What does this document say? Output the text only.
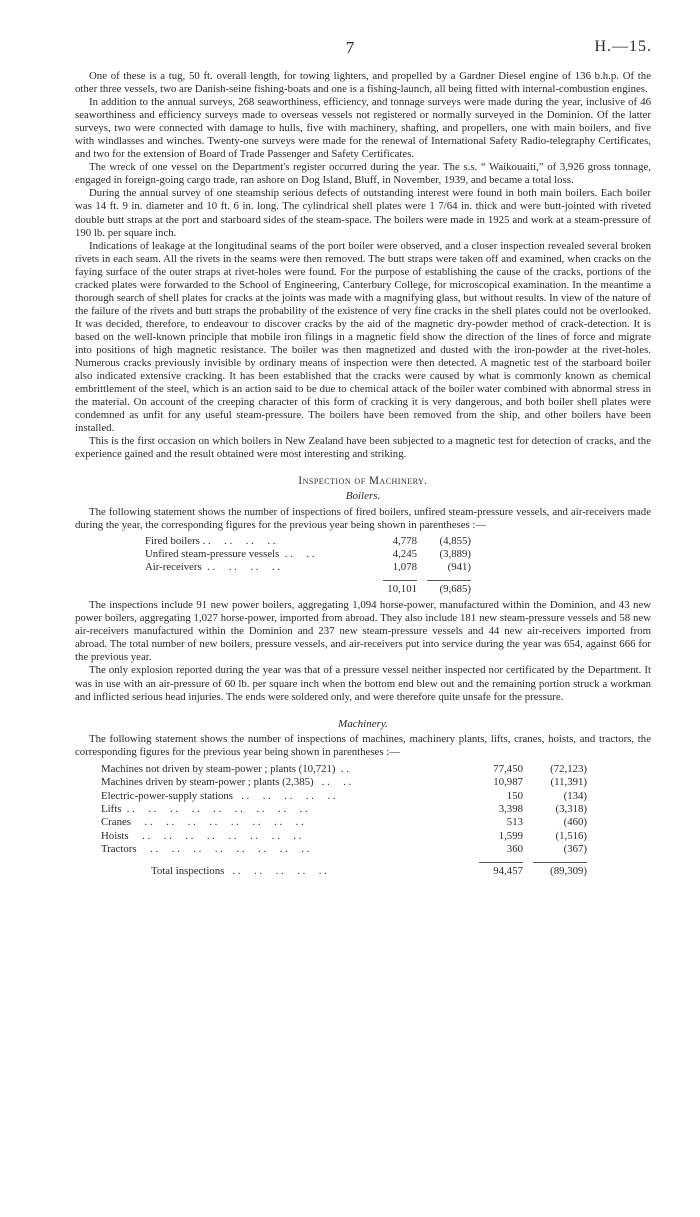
7	H.—15.

One of these is a tug, 50 ft. overall length, for towing lighters, and propelled by a Gardner Diesel engine of 136 b.h.p. Of the other three vessels, two are Danish-seine fishing-boats and one is a fishing-launch, all being fitted with internal-combustion engines.

In addition to the annual surveys, 268 seaworthiness, efficiency, and tonnage surveys were made during the year, inclusive of 46 seaworthiness and efficiency surveys made to overseas vessels not registered or normally surveyed in the Dominion. Of the latter surveys, two were connected with damage to hulls, five with machinery, shafting, and propellers, one with main boilers, and five with windlasses and winches. Twenty-one surveys were made for the renewal of International Safety Radio-telegraphy Certificates, and two for the extension of Board of Trade Passenger and Safety Certificates.

The wreck of one vessel on the Department's register occurred during the year. The s.s. “ Waikouaiti,” of 3,926 gross tonnage, engaged in foreign-going cargo trade, ran ashore on Dog Island, Bluff, in November, 1939, and became a total loss.

During the annual survey of one steamship serious defects of outstanding interest were found in both main boilers. Each boiler was 14 ft. 9 in. diameter and 10 ft. 6 in. long. The cylindrical shell plates were 1 7/64 in. thick and were butt-jointed with riveted double butt straps at the port and starboard sides of the steam-space. The boilers were made in 1925 and work at a steam-pressure of 190 lb. per square inch.

Indications of leakage at the longitudinal seams of the port boiler were observed, and a closer inspection revealed several broken rivets in each seam. All the rivets in the seams were then removed. The butt straps were taken off and examined, when cracks on the faying surface of the outer straps at rivet-holes were found. For the purpose of establishing the cause of the cracks, portions of the cracked plates were forwarded to the School of Engineering, Canterbury College, for microscopical examination. In the meantime a thorough search of shell plates for cracks at the joints was made with a magnifying glass, but without results. In view of the nature of the failure of the rivets and butt straps the probability of the existence of very fine cracks in the shell plates could not be overlooked. It was decided, therefore, to endeavour to discover cracks by the aid of the magnetic dry-powder method of crack-detection. It is based on the well-known principle that mobile iron filings in a magnetic field show the direction of the lines of force and migrate into positions of high magnetic resistance. The boiler was then magnetized and dusted with the iron-powder at the rivet-holes. Numerous cracks previously invisible by ordinary means of inspection were then detected. A magnetic test of the starboard boiler also indicated extensive cracking. It has been established that the cracks were caused by what is commonly known as chemical embrittlement of the steel, which is an action said to be due to chemical attack of the boiler water combined with abnormal stress in the material. On account of the creeping character of this form of cracking it is very dangerous, and both boiler shell plates were condemned as unfit for any useful steam-pressure. The boilers have been removed from the ship, and other boilers have been installed.

This is the first occasion on which boilers in New Zealand have been subjected to a magnetic test for detection of cracks, and the experience gained and the result obtained were most interesting and striking.

Inspection of Machinery.
Boilers.

The following statement shows the number of inspections of fired boilers, unfired steam-pressure vessels, and air-receivers made during the year, the corresponding figures for the previous year being shown in parentheses :—

Fired boilers . .     . .     . .     . .	4,778	(4,855)
Unfired steam-pressure vessels  . .     . .	4,245	(3,889)
Air-receivers  . .     . .     . .     . .	1,078	(941)

	10,101	(9,685)

The inspections include 91 new power boilers, aggregating 1,094 horse-power, manufactured within the Dominion, and 43 new power boilers, aggregating 1,027 horse-power, imported from abroad. They also include 181 new steam-pressure vessels and 58 new air-receivers manufactured within the Dominion and 237 new steam-pressure vessels and 44 new air-receivers imported from abroad. The total number of new boilers, pressure vessels, and air-receivers put into service during the year was 654, against 666 for the previous year.

The only explosion reported during the year was that of a pressure vessel neither inspected nor certificated by the Department. It was in use with an air-pressure of 60 lb. per square inch when the bottom end blew out and the remaining portion struck a workman and inflicted serious head injuries. The ends were soldered only, and were therefore quite unsafe for the pressure.

Machinery.

The following statement shows the number of inspections of machines, machinery plants, lifts, cranes, hoists, and tractors, the corresponding figures for the previous year being shown in parentheses :—

Machines not driven by steam-power ; plants (10,721)  . .	77,450	(72,123)
Machines driven by steam-power ; plants (2,385)   . .     . .	10,987	(11,391)
Electric-power-supply stations   . .     . .     . .     . .     . .	150	(134)
Lifts  . .     . .     . .     . .     . .     . .     . .     . .     . .	3,398	(3,318)
Cranes     . .     . .     . .     . .     . .     . .     . .     . .	513	(460)
Hoists     . .     . .     . .     . .     . .     . .     . .     . .	1,599	(1,516)
Tractors     . .     . .     . .     . .     . .     . .     . .     . .	360	(367)

Total inspections   . .     . .     . .     . .     . .	94,457	(89,309)
